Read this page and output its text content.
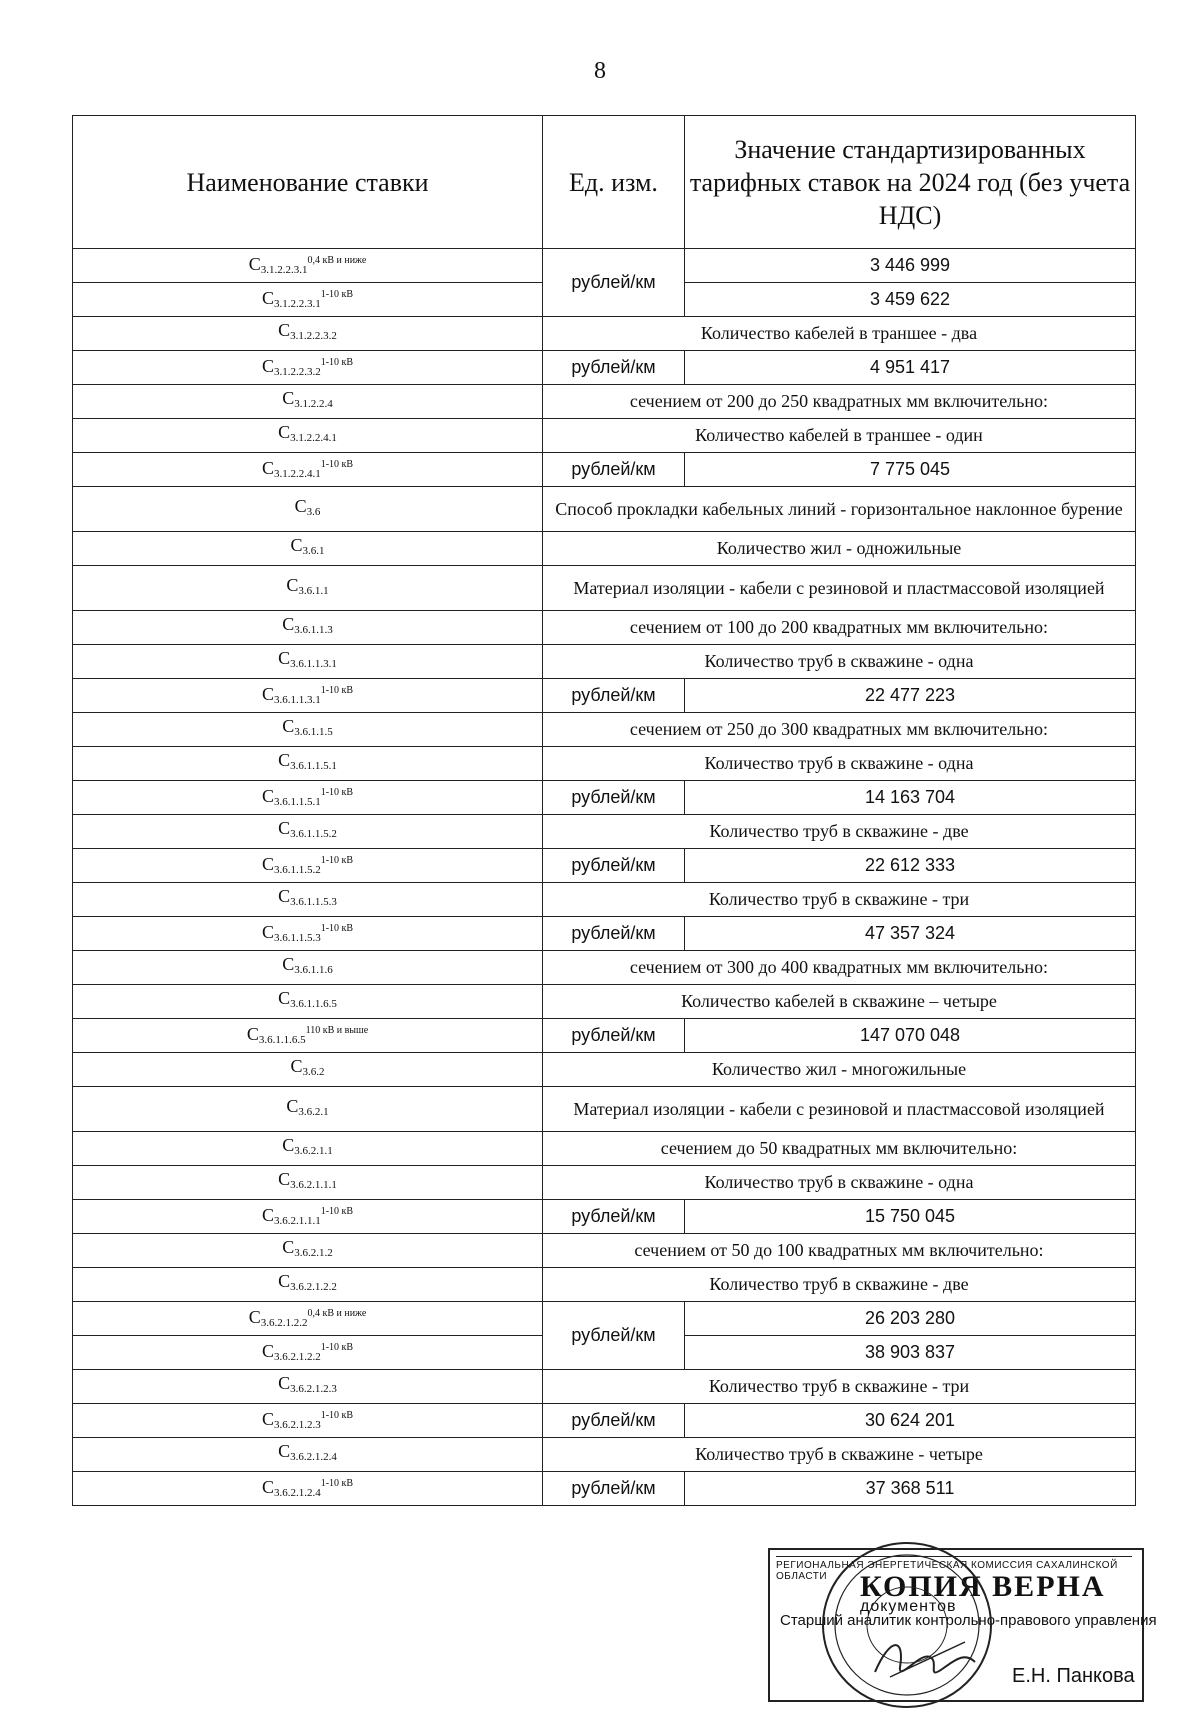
8
Наименование ставки	Ед. изм.	Значение стандартизированных тарифных ставок на 2024 год (без учета НДС)
$C_{3.1.2.2.3.1}^{0,4 кВ и ниже}$	рублей/км	3 446 999
$C_{3.1.2.2.3.1}^{1-10 кВ}$		3 459 622
$C_{3.1.2.2.3.2}$	Количество кабелей в траншее - два	
$C_{3.1.2.2.3.2}^{1-10 кВ}$	рублей/км	4 951 417
$C_{3.1.2.2.4}$	сечением от 200 до 250 квадратных мм включительно:	
$C_{3.1.2.2.4.1}$	Количество кабелей в траншее - один	
$C_{3.1.2.2.4.1}^{1-10 кВ}$	рублей/км	7 775 045
$C_{3.6}$	Способ прокладки кабельных линий - горизонтальное наклонное бурение	
$C_{3.6.1}$	Количество жил - одножильные	
$C_{3.6.1.1}$	Материал изоляции - кабели с резиновой и пластмассовой изоляцией	
$C_{3.6.1.1.3}$	сечением от 100 до 200 квадратных мм включительно:	
$C_{3.6.1.1.3.1}$	Количество труб в скважине - одна	
$C_{3.6.1.1.3.1}^{1-10 кВ}$	рублей/км	22 477 223
$C_{3.6.1.1.5}$	сечением от 250 до 300 квадратных мм включительно:	
$C_{3.6.1.1.5.1}$	Количество труб в скважине - одна	
$C_{3.6.1.1.5.1}^{1-10 кВ}$	рублей/км	14 163 704
$C_{3.6.1.1.5.2}$	Количество труб в скважине - две	
$C_{3.6.1.1.5.2}^{1-10 кВ}$	рублей/км	22 612 333
$C_{3.6.1.1.5.3}$	Количество труб в скважине - три	
$C_{3.6.1.1.5.3}^{1-10 кВ}$	рублей/км	47 357 324
$C_{3.6.1.1.6}$	сечением от 300 до 400 квадратных мм включительно:	
$C_{3.6.1.1.6.5}$	Количество кабелей в скважине – четыре	
$C_{3.6.1.1.6.5}^{110 кВ и выше}$	рублей/км	147 070 048
$C_{3.6.2}$	Количество жил - многожильные	
$C_{3.6.2.1}$	Материал изоляции - кабели с резиновой и пластмассовой изоляцией	
$C_{3.6.2.1.1}$	сечением до 50 квадратных мм включительно:	
$C_{3.6.2.1.1.1}$	Количество труб в скважине - одна	
$C_{3.6.2.1.1.1}^{1-10 кВ}$	рублей/км	15 750 045
$C_{3.6.2.1.2}$	сечением от 50 до 100 квадратных мм включительно:	
$C_{3.6.2.1.2.2}$	Количество труб в скважине - две	
$C_{3.6.2.1.2.2}^{0,4 кВ и ниже}$	рублей/км	26 203 280
$C_{3.6.2.1.2.2}^{1-10 кВ}$		38 903 837
$C_{3.6.2.1.2.3}$	Количество труб в скважине - три	
$C_{3.6.2.1.2.3}^{1-10 кВ}$	рублей/км	30 624 201
$C_{3.6.2.1.2.4}$	Количество труб в скважине - четыре	
$C_{3.6.2.1.2.4}^{1-10 кВ}$	рублей/км	37 368 511
РЕГИОНАЛЬНАЯ ЭНЕРГЕТИЧЕСКАЯ КОМИССИЯ САХАЛИНСКОЙ ОБЛАСТИ	КОПИЯ ВЕРНА
документов
Старший аналитик контрольно-правового управления
Е.Н. Панкова
